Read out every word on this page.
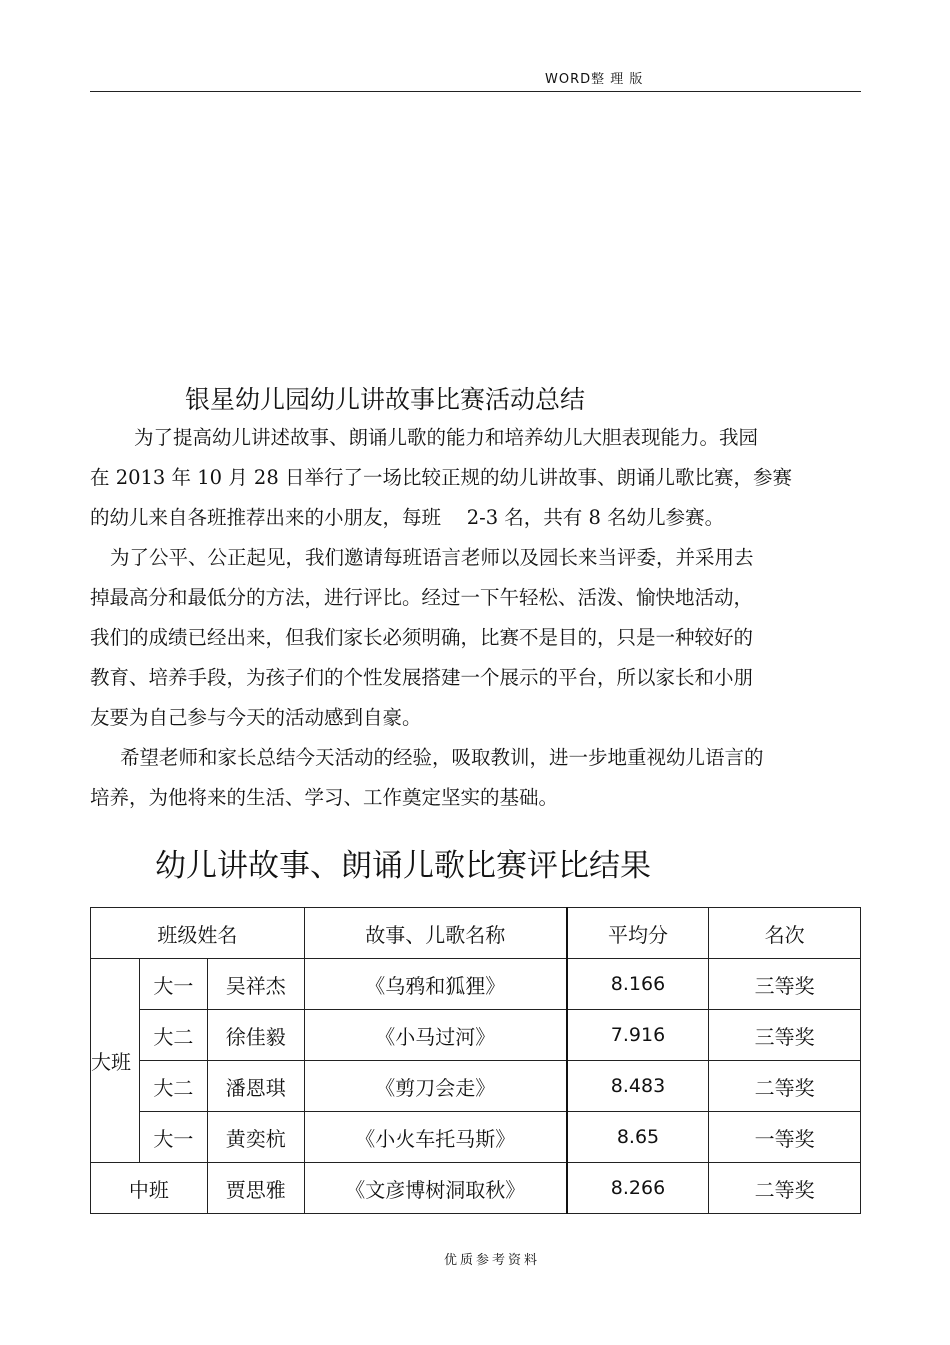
WORD整 理 版
银星幼儿园幼儿讲故事比赛活动总结
为了提高幼儿讲述故事、朗诵儿歌的能力和培养幼儿大胆表现能力。我园
在 2013 年 10 月 28 日举行了一场比较正规的幼儿讲故事、朗诵儿歌比赛，参赛
的幼儿来自各班推荐出来的小朋友，每班　 2-3 名，共有 8 名幼儿参赛。
为了公平、公正起见，我们邀请每班语言老师以及园长来当评委，并采用去
掉最高分和最低分的方法，进行评比。经过一下午轻松、活泼、愉快地活动，
我们的成绩已经出来，但我们家长必须明确，比赛不是目的，只是一种较好的
教育、培养手段，为孩子们的个性发展搭建一个展示的平台，所以家长和小朋
友要为自己参与今天的活动感到自豪。
希望老师和家长总结今天活动的经验，吸取教训，进一步地重视幼儿语言的
培养，为他将来的生活、学习、工作奠定坚实的基础。
幼儿讲故事、朗诵儿歌比赛评比结果
班级姓名			故事、儿歌名称	平均分	名次
大班	大一	吴祥杰	《乌鸦和狐狸》	8.166	三等奖
	大二	徐佳毅	《小马过河》	7.916	三等奖
	大二	潘恩琪	《剪刀会走》	8.483	二等奖
	大一	黄奕杭	《小火车托马斯》	8.65	一等奖
中班		贾思雅	《文彦博树洞取秋》	8.266	二等奖
优质参考资料
